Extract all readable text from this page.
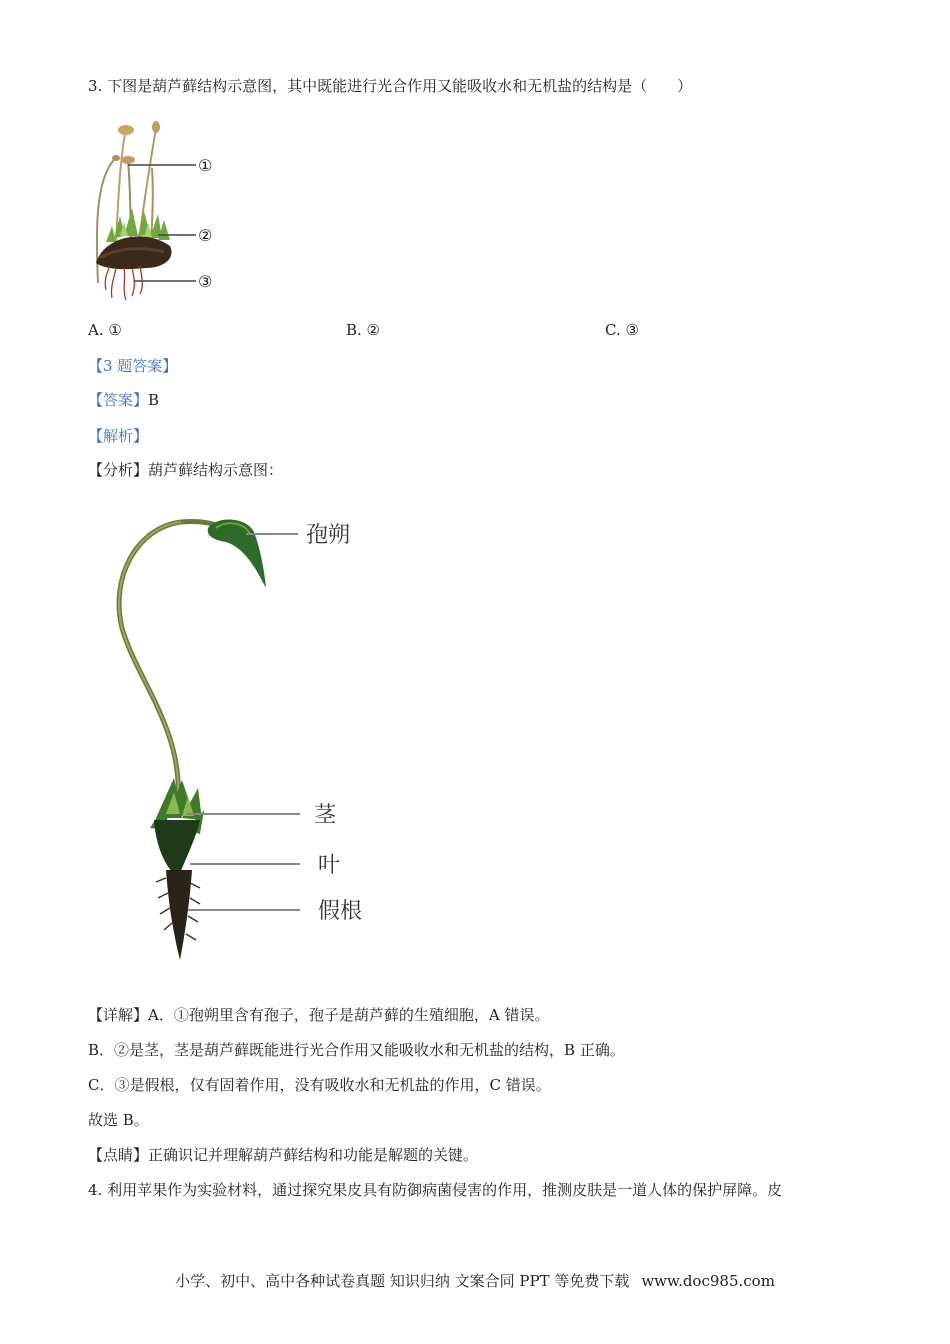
3. 下图是葫芦藓结构示意图，其中既能进行光合作用又能吸收水和无机盐的结构是（　　）
①
②
③
A. ①	B. ②	C. ③
【3 题答案】
【答案】B
【解析】
【分析】葫芦藓结构示意图：
孢朔
茎
叶
假根
【详解】A．①孢朔里含有孢子，孢子是葫芦藓的生殖细胞，A 错误。
B．②是茎，茎是葫芦藓既能进行光合作用又能吸收水和无机盐的结构，B 正确。
C．③是假根，仅有固着作用，没有吸收水和无机盐的作用，C 错误。
故选 B。
【点睛】正确识记并理解葫芦藓结构和功能是解题的关键。
4. 利用苹果作为实验材料，通过探究果皮具有防御病菌侵害的作用，推测皮肤是一道人体的保护屏障。皮
小学、初中、高中各种试卷真题 知识归纳 文案合同 PPT 等免费下载 www.doc985.com
